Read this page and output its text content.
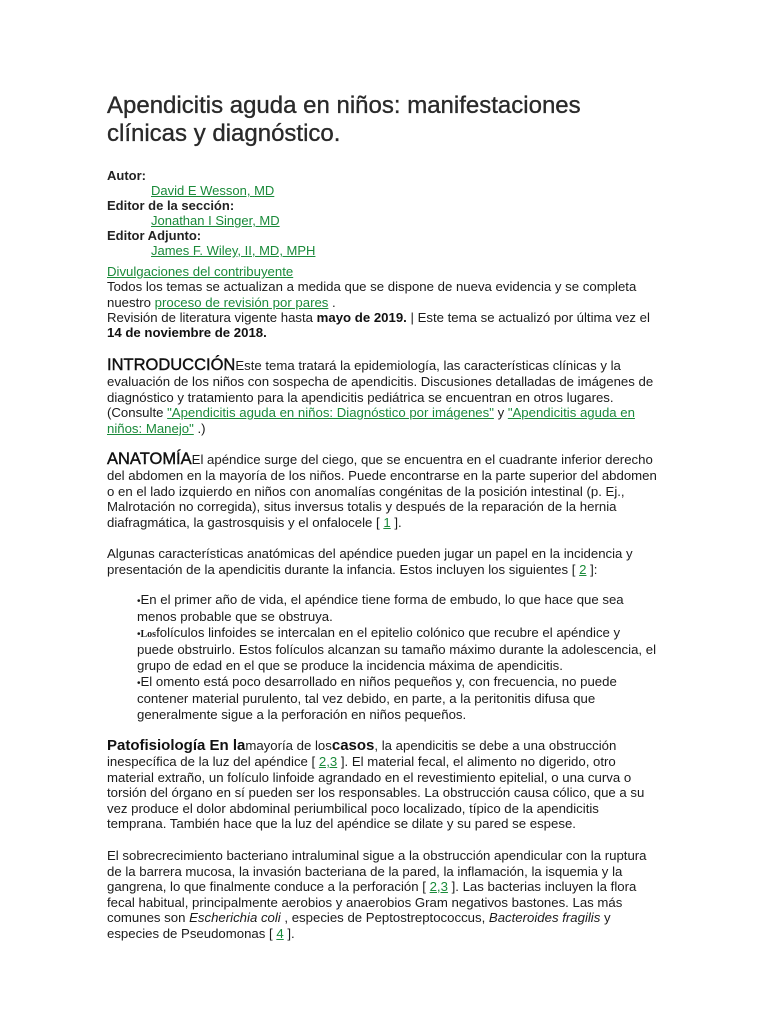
Apendicitis aguda en niños: manifestaciones clínicas y diagnóstico.
Autor:
David E Wesson, MD
Editor de la sección:
Jonathan I Singer, MD
Editor Adjunto:
James F. Wiley, II, MD, MPH
Divulgaciones del contribuyente
Todos los temas se actualizan a medida que se dispone de nueva evidencia y se completa nuestro proceso de revisión por pares .
Revisión de literatura vigente hasta mayo de 2019. | Este tema se actualizó por última vez el 14 de noviembre de 2018.

INTRODUCCIÓNEste tema tratará la epidemiología, las características clínicas y la evaluación de los niños con sospecha de apendicitis. Discusiones detalladas de imágenes de diagnóstico y tratamiento para la apendicitis pediátrica se encuentran en otros lugares. (Consulte "Apendicitis aguda en niños: Diagnóstico por imágenes" y "Apendicitis aguda en niños: Manejo" .)

ANATOMÍAEl apéndice surge del ciego, que se encuentra en el cuadrante inferior derecho del abdomen en la mayoría de los niños. Puede encontrarse en la parte superior del abdomen o en el lado izquierdo en niños con anomalías congénitas de la posición intestinal (p. Ej., Malrotación no corregida), situs inversus totalis y después de la reparación de la hernia diafragmática, la gastrosquisis y el onfalocele [ 1 ].

Algunas características anatómicas del apéndice pueden jugar un papel en la incidencia y presentación de la apendicitis durante la infancia. Estos incluyen los siguientes [ 2 ]:

•En el primer año de vida, el apéndice tiene forma de embudo, lo que hace que sea menos probable que se obstruya.
•Losfolículos linfoides se intercalan en el epitelio colónico que recubre el apéndice y puede obstruirlo. Estos folículos alcanzan su tamaño máximo durante la adolescencia, el grupo de edad en el que se produce la incidencia máxima de apendicitis.
•El omento está poco desarrollado en niños pequeños y, con frecuencia, no puede contener material purulento, tal vez debido, en parte, a la peritonitis difusa que generalmente sigue a la perforación en niños pequeños.

Patofisiología En lamayoría de loscasos, la apendicitis se debe a una obstrucción inespecífica de la luz del apéndice [ 2,3 ]. El material fecal, el alimento no digerido, otro material extraño, un folículo linfoide agrandado en el revestimiento epitelial, o una curva o torsión del órgano en sí pueden ser los responsables. La obstrucción causa cólico, que a su vez produce el dolor abdominal periumbilical poco localizado, típico de la apendicitis temprana. También hace que la luz del apéndice se dilate y su pared se espese.

El sobrecrecimiento bacteriano intraluminal sigue a la obstrucción apendicular con la ruptura de la barrera mucosa, la invasión bacteriana de la pared, la inflamación, la isquemia y la gangrena, lo que finalmente conduce a la perforación [ 2,3 ]. Las bacterias incluyen la flora fecal habitual, principalmente aerobios y anaerobios Gram negativos bastones. Las más comunes son Escherichia coli , especies de Peptostreptococcus, Bacteroides fragilis y especies de Pseudomonas [ 4 ].
